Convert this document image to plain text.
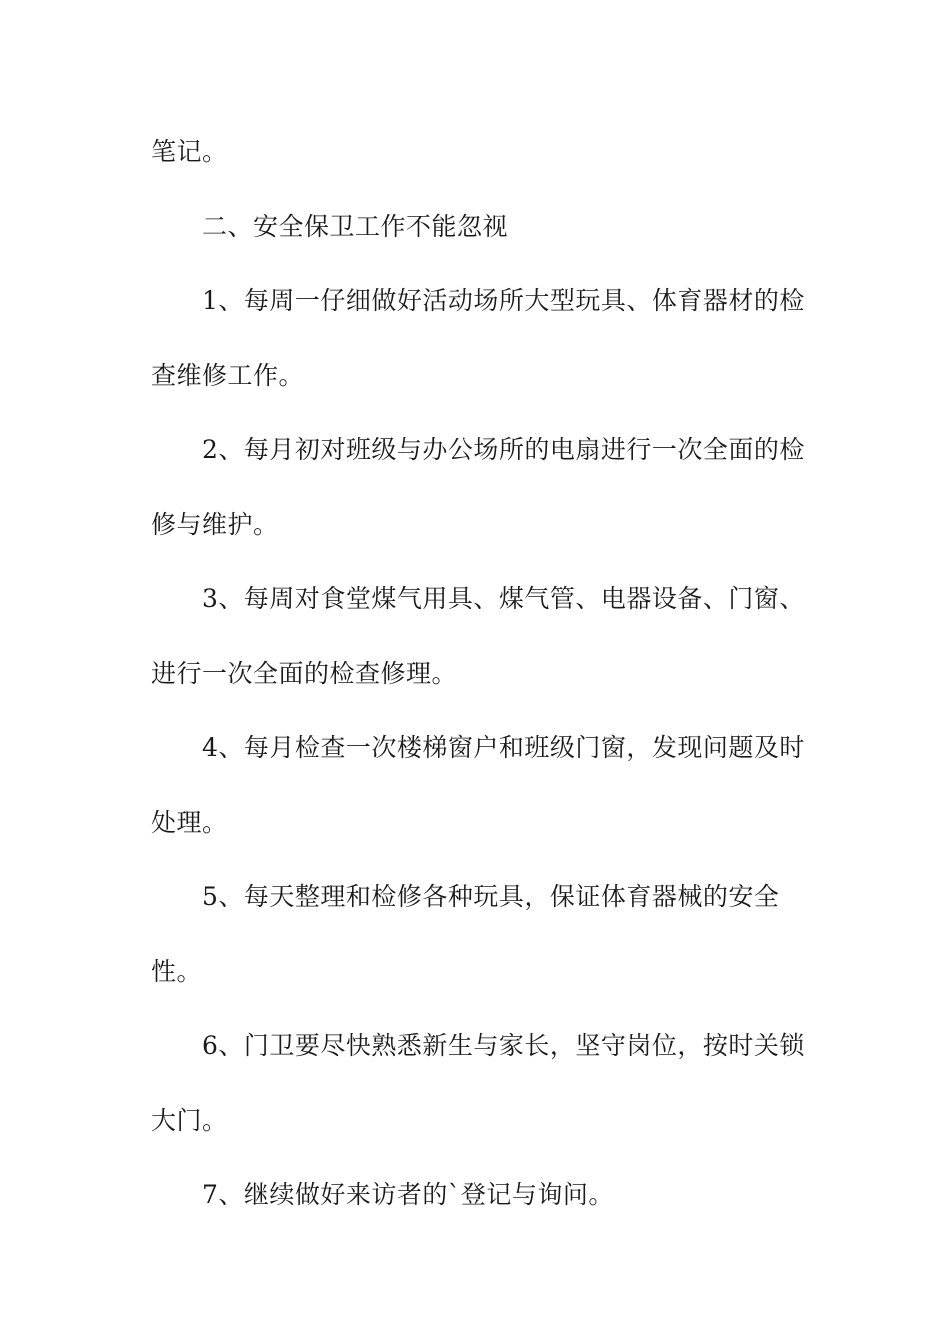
笔记。
二、安全保卫工作不能忽视
1、每周一仔细做好活动场所大型玩具、体育器材的检
查维修工作。
2、每月初对班级与办公场所的电扇进行一次全面的检
修与维护。
3、每周对食堂煤气用具、煤气管、电器设备、门窗、
进行一次全面的检查修理。
4、每月检查一次楼梯窗户和班级门窗，发现问题及时
处理。
5、每天整理和检修各种玩具，保证体育器械的安全
性。
6、门卫要尽快熟悉新生与家长，坚守岗位，按时关锁
大门。
7、继续做好来访者的`登记与询问。
